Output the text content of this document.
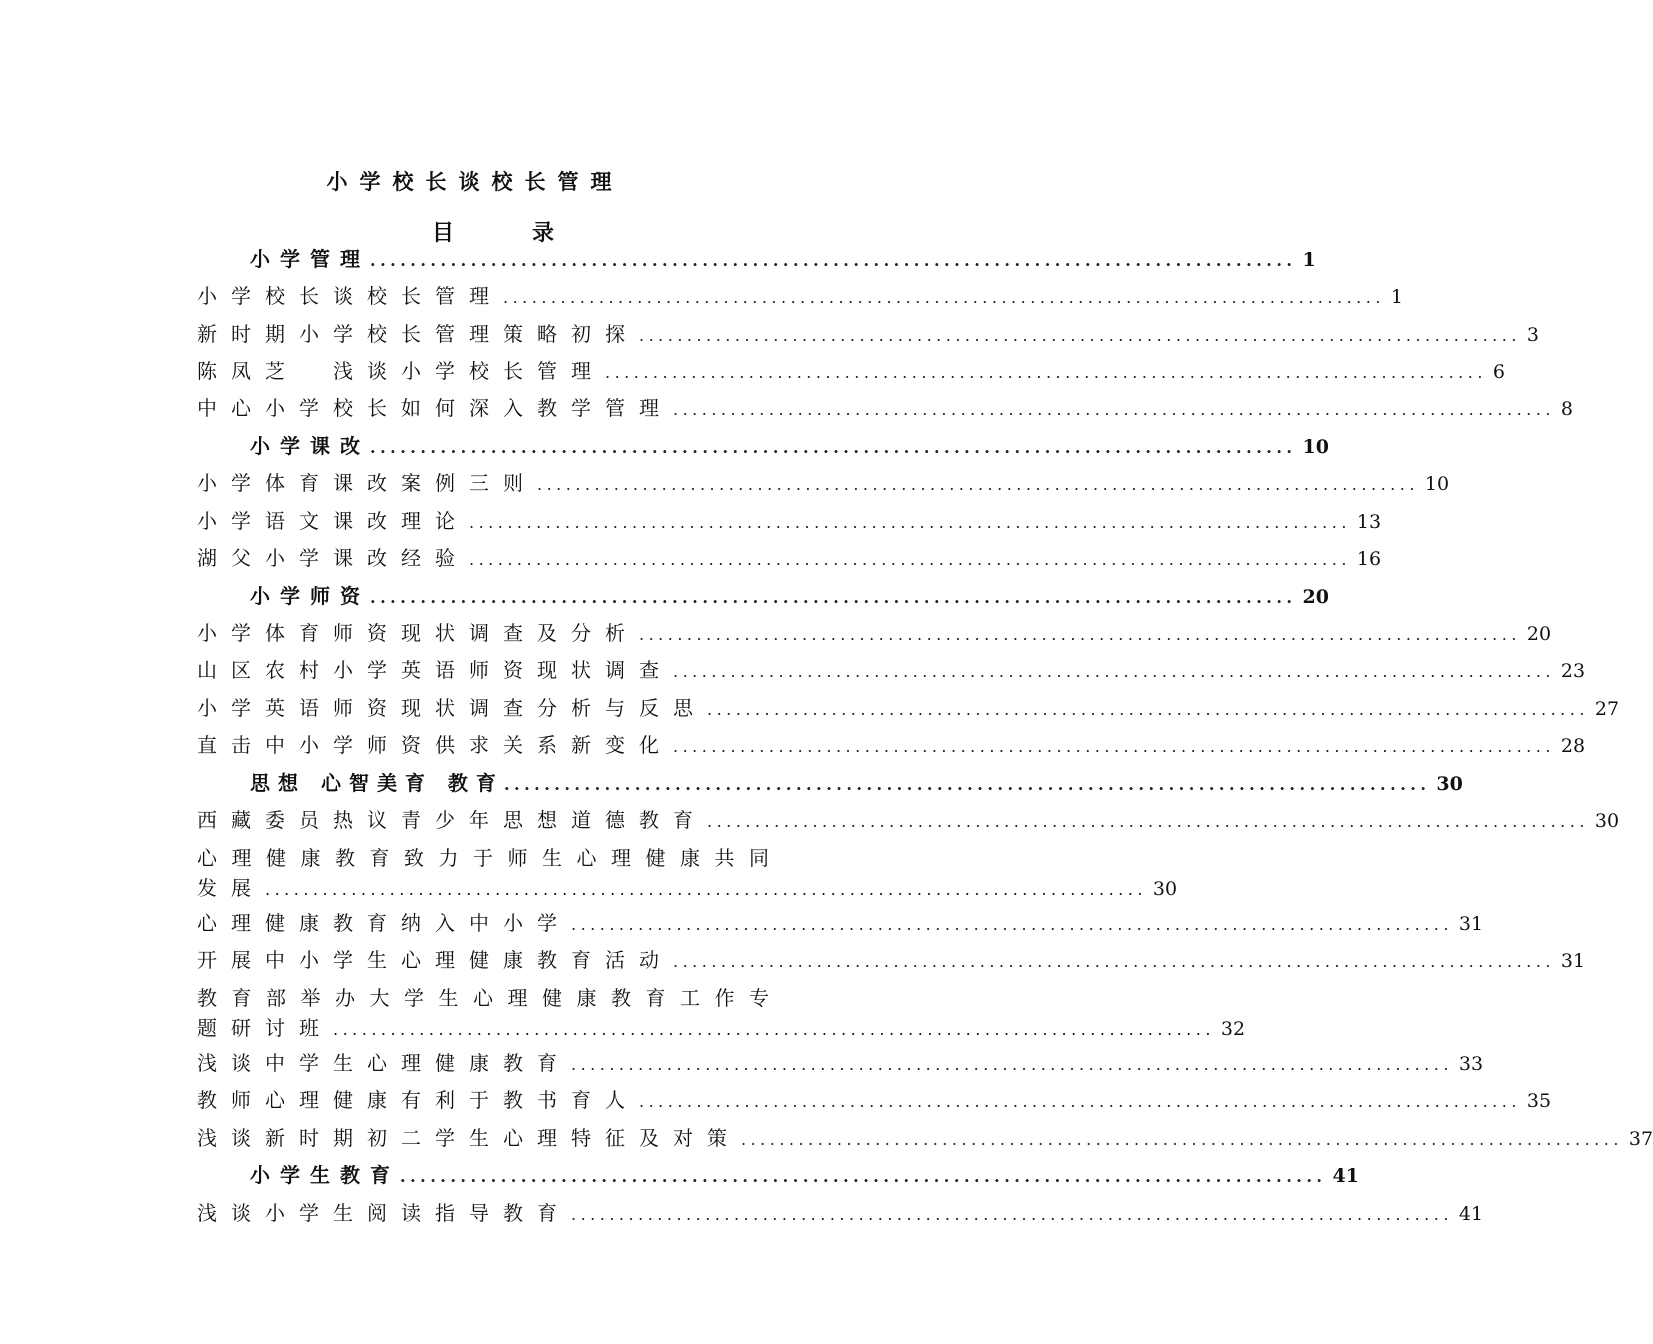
小学校长谈校长管理
目录
小学管理 ............................................................................................ 1
小学校长谈校长管理 ............................................................................................ 1
新时期小学校长管理策略初探 ............................................................................................ 3
陈凤芝　浅谈小学校长管理 ............................................................................................ 6
中心小学校长如何深入教学管理 ............................................................................................ 8
小学课改 ............................................................................................ 10
小学体育课改案例三则 ............................................................................................ 10
小学语文课改理论 ............................................................................................ 13
湖父小学课改经验 ............................................................................................ 16
小学师资 ............................................................................................ 20
小学体育师资现状调查及分析 ............................................................................................ 20
山区农村小学英语师资现状调查 ............................................................................................ 23
小学英语师资现状调查分析与反思 ............................................................................................ 27
直击中小学师资供求关系新变化 ............................................................................................ 28
思想 心智美育 教育 ............................................................................................ 30
西藏委员热议青少年思想道德教育 ............................................................................................ 30
心理健康教育致力于师生心理健康共同
发展 ............................................................................................ 30
心理健康教育纳入中小学 ............................................................................................ 31
开展中小学生心理健康教育活动 ............................................................................................ 31
教育部举办大学生心理健康教育工作专
题研讨班 ............................................................................................ 32
浅谈中学生心理健康教育 ............................................................................................ 33
教师心理健康有利于教书育人 ............................................................................................ 35
浅谈新时期初二学生心理特征及对策 ............................................................................................ 37
小学生教育 ............................................................................................ 41
浅谈小学生阅读指导教育 ............................................................................................ 41
